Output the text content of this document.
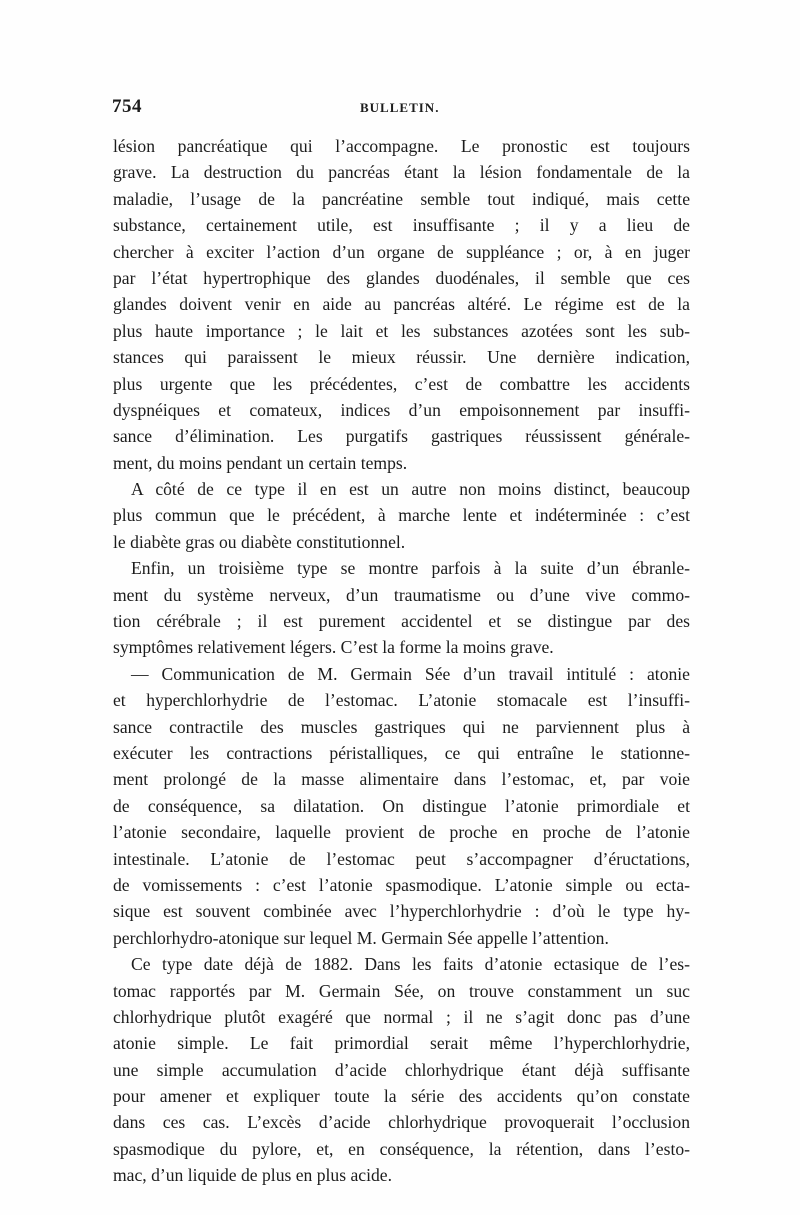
754	BULLETIN.
lésion pancréatique qui l’accompagne. Le pronostic est toujours
grave. La destruction du pancréas étant la lésion fondamentale de la
maladie, l’usage de la pancréatine semble tout indiqué, mais cette
substance, certainement utile, est insuffisante ; il y a lieu de
chercher à exciter l’action d’un organe de suppléance ; or, à en juger
par l’état hypertrophique des glandes duodénales, il semble que ces
glandes doivent venir en aide au pancréas altéré. Le régime est de la
plus haute importance ; le lait et les substances azotées sont les sub-
stances qui paraissent le mieux réussir. Une dernière indication,
plus urgente que les précédentes, c’est de combattre les accidents
dyspnéiques et comateux, indices d’un empoisonnement par insuffi-
sance d’élimination. Les purgatifs gastriques réussissent générale-
ment, du moins pendant un certain temps.
A côté de ce type il en est un autre non moins distinct, beaucoup
plus commun que le précédent, à marche lente et indéterminée : c’est
le diabète gras ou diabète constitutionnel.
Enfin, un troisième type se montre parfois à la suite d’un ébranle-
ment du système nerveux, d’un traumatisme ou d’une vive commo-
tion cérébrale ; il est purement accidentel et se distingue par des
symptômes relativement légers. C’est la forme la moins grave.
— Communication de M. Germain Sée d’un travail intitulé : atonie
et hyperchlorhydrie de l’estomac. L’atonie stomacale est l’insuffi-
sance contractile des muscles gastriques qui ne parviennent plus à
exécuter les contractions péristalliques, ce qui entraîne le stationne-
ment prolongé de la masse alimentaire dans l’estomac, et, par voie
de conséquence, sa dilatation. On distingue l’atonie primordiale et
l’atonie secondaire, laquelle provient de proche en proche de l’atonie
intestinale. L’atonie de l’estomac peut s’accompagner d’éructations,
de vomissements : c’est l’atonie spasmodique. L’atonie simple ou ecta-
sique est souvent combinée avec l’hyperchlorhydrie : d’où le type hy-
perchlorhydro-atonique sur lequel M. Germain Sée appelle l’attention.
Ce type date déjà de 1882. Dans les faits d’atonie ectasique de l’es-
tomac rapportés par M. Germain Sée, on trouve constamment un suc
chlorhydrique plutôt exagéré que normal ; il ne s’agit donc pas d’une
atonie simple. Le fait primordial serait même l’hyperchlorhydrie,
une simple accumulation d’acide chlorhydrique étant déjà suffisante
pour amener et expliquer toute la série des accidents qu’on constate
dans ces cas. L’excès d’acide chlorhydrique provoquerait l’occlusion
spasmodique du pylore, et, en conséquence, la rétention, dans l’esto-
mac, d’un liquide de plus en plus acide.
